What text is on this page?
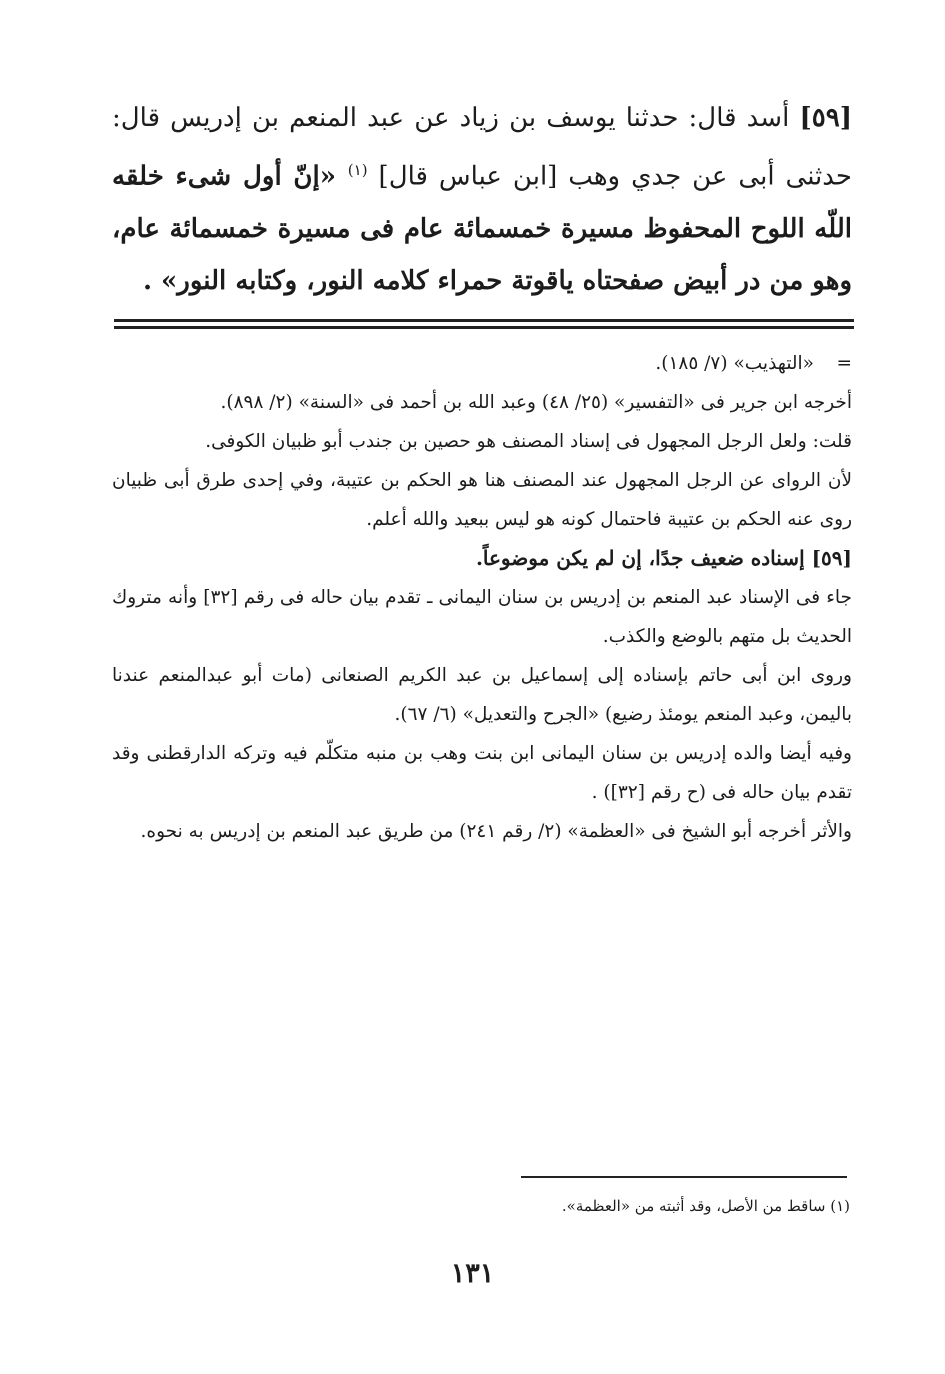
[٥٩] أسد قال: حدثنا يوسف بن زياد عن عبد المنعم بن إدريس قال: حدثنى أبى عن جدي وهب [ابن عباس قال] $^{(١)}$ «إنّ أول شىء خلقه اللّه اللوح المحفوظ مسيرة خمسمائة عام فى مسيرة خمسمائة عام، وهو من در أبيض صفحتاه ياقوتة حمراء كلامه النور، وكتابه النور» .

=«التهذيب» (٧/ ١٨٥).

أخرجه ابن جرير فى «التفسير» (٢٥/ ٤٨) وعبد الله بن أحمد فى «السنة» (٢/ ٨٩٨).

قلت: ولعل الرجل المجهول فى إسناد المصنف هو حصين بن جندب أبو ظبيان الكوفى.

لأن الرواى عن الرجل المجهول عند المصنف هنا هو الحكم بن عتيبة، وفي إحدى طرق أبى ظبيان روى عنه الحكم بن عتيبة فاحتمال كونه هو ليس ببعيد والله أعلم.

[٥٩] إسناده ضعيف جدًا، إن لم يكن موضوعاً.

جاء فى الإسناد عبد المنعم بن إدريس بن سنان اليمانى ـ تقدم بيان حاله فى رقم [٣٢] وأنه متروك الحديث بل متهم بالوضع والكذب.

وروى ابن أبى حاتم بإسناده إلى إسماعيل بن عبد الكريم الصنعانى (مات أبو عبدالمنعم عندنا باليمن، وعبد المنعم يومئذ رضيع) «الجرح والتعديل» (٦/ ٦٧).

وفيه أيضا والده إدريس بن سنان اليمانى ابن بنت وهب بن منبه متكلّم فيه وتركه الدارقطنى وقد تقدم بيان حاله فى (ح رقم [٣٢]) .

والأثر أخرجه أبو الشيخ فى «العظمة» (٢/ رقم ٢٤١) من طريق عبد المنعم بن إدريس به نحوه.

(١) ساقط من الأصل، وقد أثبته من «العظمة».
١٣١
